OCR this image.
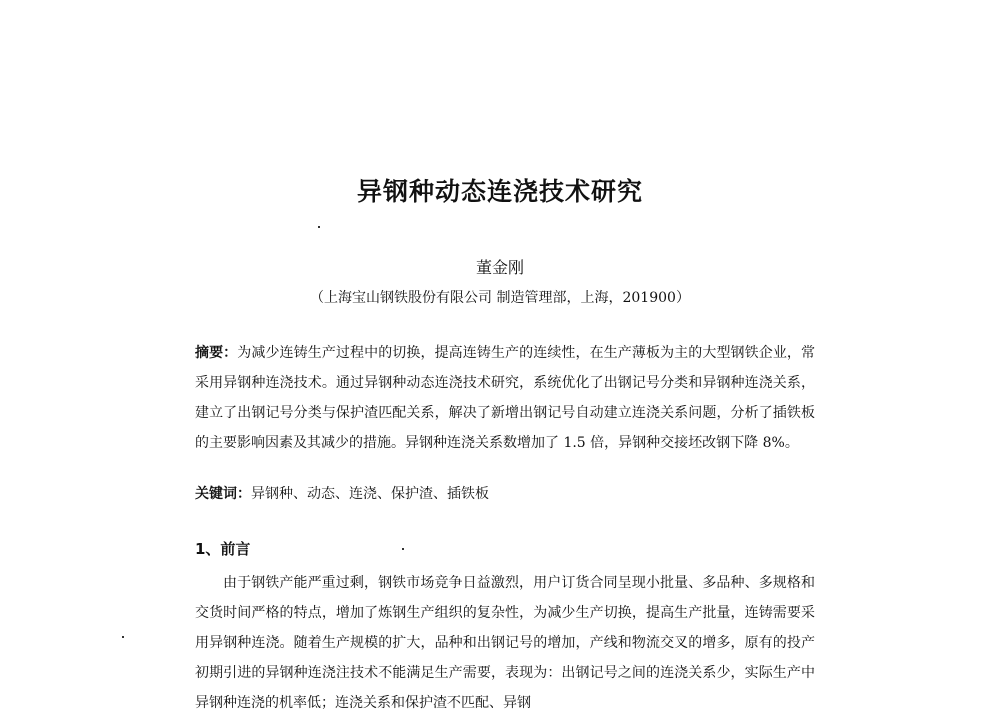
异钢种动态连浇技术研究
董金刚
（上海宝山钢铁股份有限公司 制造管理部，上海，201900）
摘要：为减少连铸生产过程中的切换，提高连铸生产的连续性，在生产薄板为主的大型钢铁企业，常采用异钢种连浇技术。通过异钢种动态连浇技术研究，系统优化了出钢记号分类和异钢种连浇关系，建立了出钢记号分类与保护渣匹配关系，解决了新增出钢记号自动建立连浇关系问题，分析了插铁板的主要影响因素及其减少的措施。异钢种连浇关系数增加了 1.5 倍，异钢种交接坯改钢下降 8%。
关键词：异钢种、动态、连浇、保护渣、插铁板
1、前言
由于钢铁产能严重过剩，钢铁市场竞争日益激烈，用户订货合同呈现小批量、多品种、多规格和交货时间严格的特点，增加了炼钢生产组织的复杂性，为减少生产切换，提高生产批量，连铸需要采用异钢种连浇。随着生产规模的扩大，品种和出钢记号的增加，产线和物流交叉的增多，原有的投产初期引进的异钢种连浇注技术不能满足生产需要，表现为：出钢记号之间的连浇关系少，实际生产中异钢种连浇的机率低；连浇关系和保护渣不匹配、异钢
